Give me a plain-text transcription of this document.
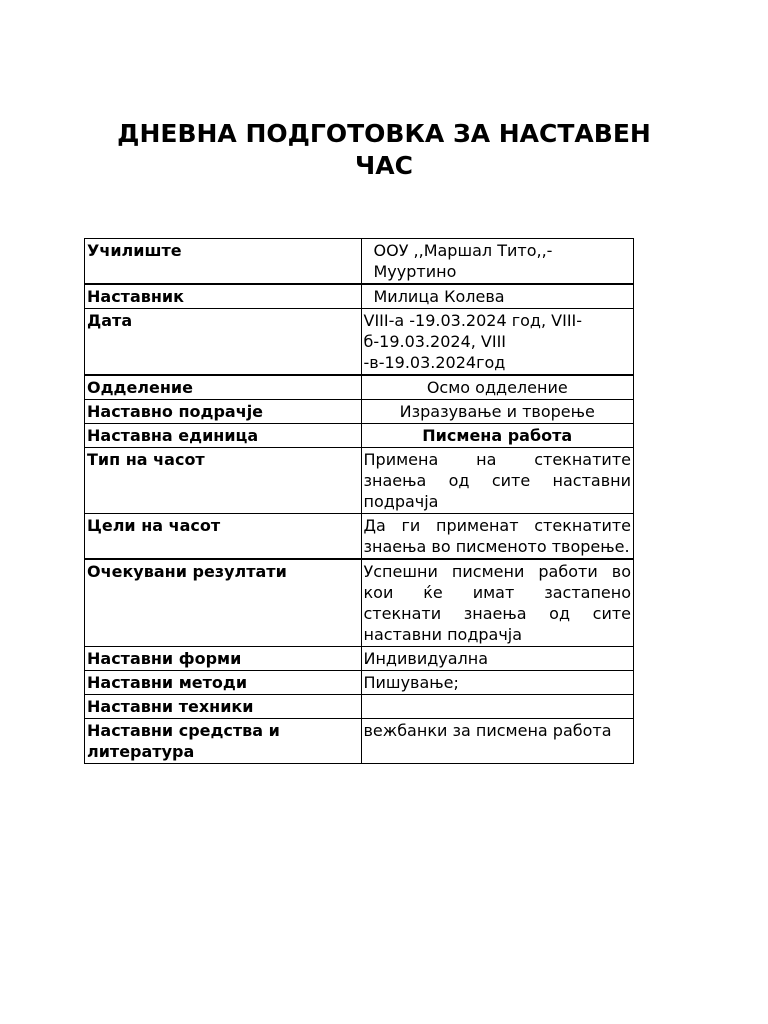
ДНЕВНА ПОДГОТОВКА ЗА НАСТАВЕН ЧАС
Училиште	ООУ ,,Маршал Тито,,-Мууртино
Наставник	Милица Колева
Дата	VIII-a -19.03.2024 год, VIII-б-19.03.2024, VIII -в-19.03.2024год
Одделение	Осмо одделение
Наставно подрачје	Изразување и творење
Наставна единица	Писмена работа
Тип на часот	Примена на стекнатите знаења од сите наставни подрачја
Цели на часот	Да ги применат стекнатите знаења во писменото творење.
Очекувани резултати	Успешни писмени работи во кои ќе имат застапено стекнати знаења од сите наставни подрачја
Наставни форми	Индивидуална
Наставни методи	Пишување;
Наставни техники	
Наставни средства и литература	вежбанки за писмена работа
